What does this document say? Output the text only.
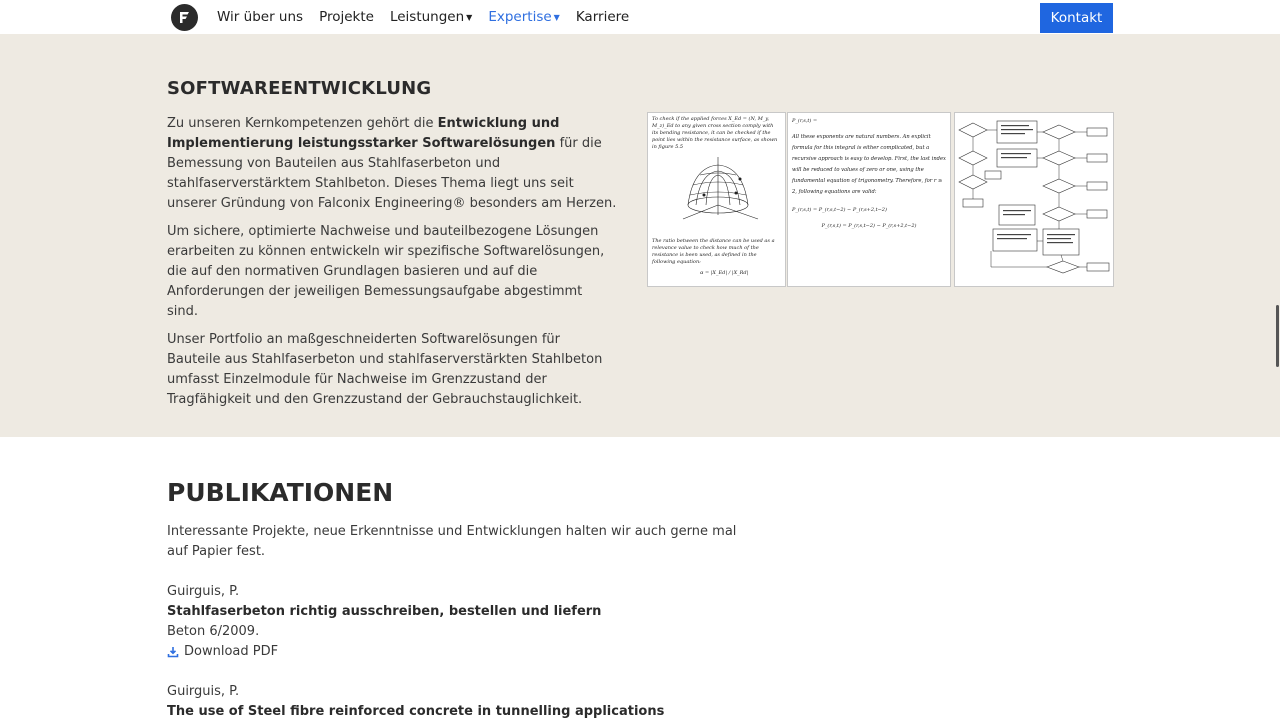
Wir über uns Projekte Leistungen ▼ Expertise ▼ Karriere	Kontakt
SOFTWAREENTWICKLUNG

Zu unseren Kernkompetenzen gehört die Entwicklung und Implementierung leistungsstarker Softwarelösungen für die Bemessung von Bauteilen aus Stahlfaserbeton und stahlfaserverstärktem Stahlbeton. Dieses Thema liegt uns seit unserer Gründung von Falconix Engineering® besonders am Herzen.

Um sichere, optimierte Nachweise und bauteilbezogene Lösungen erarbeiten zu können entwickeln wir spezifische Softwarelösungen, die auf den normativen Grundlagen basieren und auf die Anforderungen der jeweiligen Bemessungsaufgabe abgestimmt sind.

Unser Portfolio an maßgeschneiderten Softwarelösungen für Bauteile aus Stahlfaserbeton und stahlfaserverstärkten Stahlbeton umfasst Einzelmodule für Nachweise im Grenzzustand der Tragfähigkeit und den Grenzzustand der Gebrauchstauglichkeit.

To check if the applied forces X_Ed = (N, M_y, M_z)_Ed to any given cross section comply with its bending resistance, it can be checked if the point lies within the resistance surface, as shown in figure 5.5
The ratio between the distance can be used as a relevance value to check how much of the resistance is been used, as defined in the following equation:
α = |X_Ed| / |X_Rd|
P_(r,s,t) =
All these exponents are natural numbers. An explicit formula for this integral is either complicated, but a recursive approach is easy to develop. First, the last index will be reduced to values of zero or one, using the fundamental equation of trigonometry. Therefore, for r ≥ 2, following equations are valid:
P_(r,s,t) = P_(r,s,t−2) − P_(r,s+2,t−2)
P_(r,s,t) = P_(r,s,t−2) − P_(r,s+2,t−2)
PUBLIKATIONEN
Interessante Projekte, neue Erkenntnisse und Entwicklungen halten wir auch gerne mal auf Papier fest.
Guirguis, P.
Stahlfaserbeton richtig ausschreiben, bestellen und liefern
Beton 6/2009.
Download PDF
Guirguis, P.
The use of Steel fibre reinforced concrete in tunnelling applications
